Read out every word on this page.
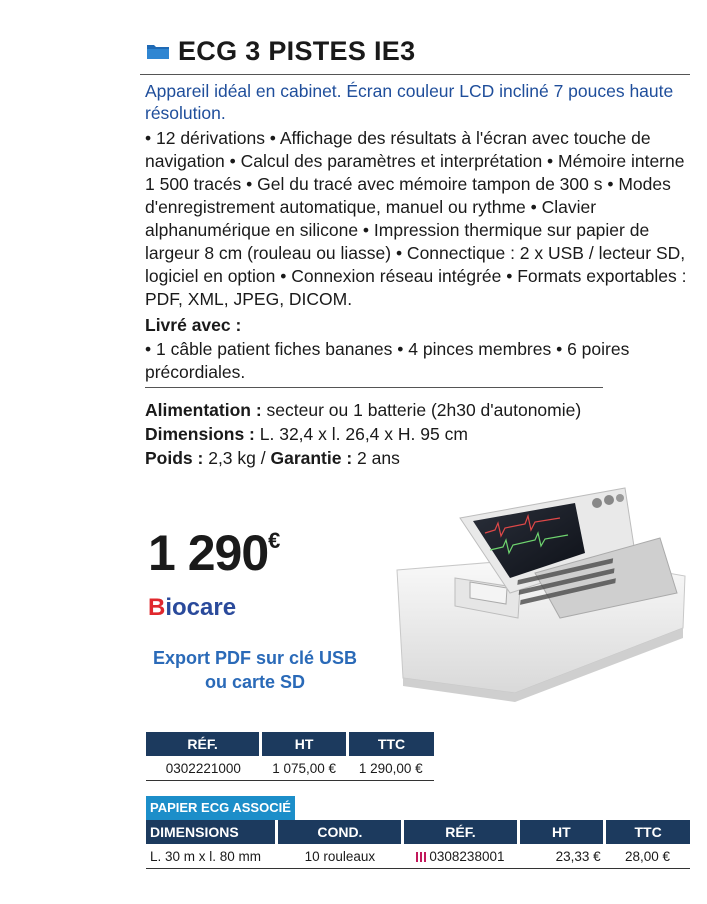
ECG 3 PISTES IE3
Appareil idéal en cabinet. Écran couleur LCD incliné 7 pouces haute résolution.
• 12 dérivations • Affichage des résultats à l'écran avec touche de navigation • Calcul des paramètres et interprétation • Mémoire interne 1 500 tracés • Gel du tracé avec mémoire tampon de 300 s • Modes d'enregistrement automatique, manuel ou rythme • Clavier alphanumérique en silicone • Impression thermique sur papier de largeur 8 cm (rouleau ou liasse) • Connectique : 2 x USB / lecteur SD, logiciel en option • Connexion réseau intégrée • Formats exportables : PDF, XML, JPEG, DICOM.
Livré avec :
• 1 câble patient fiches bananes • 4 pinces membres • 6 poires précordiales.
Alimentation : secteur ou 1 batterie (2h30 d'autonomie)
Dimensions : L. 32,4 x l. 26,4 x H. 95 cm
Poids : 2,3 kg / Garantie : 2 ans
1 290€
Biocare
Export PDF sur clé USB
ou carte SD
RÉF.	HT	TTC
0302221000	1 075,00 €	1 290,00 €
PAPIER ECG ASSOCIÉ
DIMENSIONS	COND.	RÉF.	HT	TTC
L. 30 m x l. 80 mm	10 rouleaux	0308238001	23,33 €	28,00 €
